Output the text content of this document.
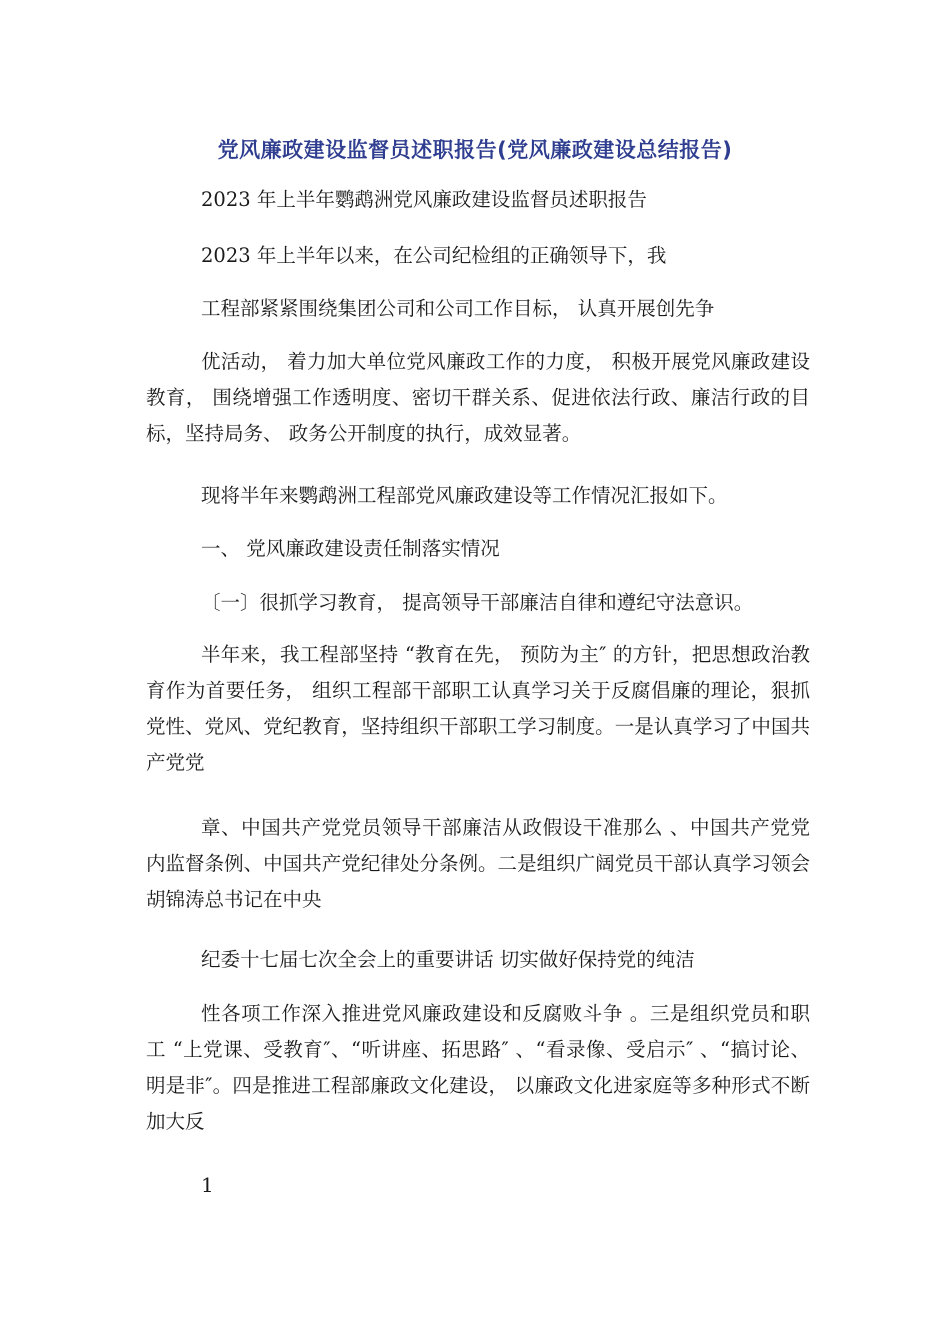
党风廉政建设监督员述职报告(党风廉政建设总结报告)
2023 年上半年鹦鹉洲党风廉政建设监督员述职报告
2023 年上半年以来，在公司纪检组的正确领导下，我
工程部紧紧围绕集团公司和公司工作目标， 认真开展创先争

优活动， 着力加大单位党风廉政工作的力度， 积极开展党风廉政建设教育， 围绕增强工作透明度、密切干群关系、促进依法行政、廉洁行政的目标，坚持局务、 政务公开制度的执行，成效显著。

现将半年来鹦鹉洲工程部党风廉政建设等工作情况汇报如下。
一、 党风廉政建设责任制落实情况
〔一〕很抓学习教育， 提高领导干部廉洁自律和遵纪守法意识。

半年来，我工程部坚持 “教育在先， 预防为主″ 的方针，把思想政治教育作为首要任务， 组织工程部干部职工认真学习关于反腐倡廉的理论，狠抓党性、党风、党纪教育，坚持组织干部职工学习制度。一是认真学习了中国共产党党

章、中国共产党党员领导干部廉洁从政假设干准那么 、中国共产党党内监督条例、中国共产党纪律处分条例。二是组织广阔党员干部认真学习领会胡锦涛总书记在中央

纪委十七届七次全会上的重要讲话 切实做好保持党的纯洁

性各项工作深入推进党风廉政建设和反腐败斗争 。三是组织党员和职工 “上党课、受教育″、“听讲座、拓思路″ 、“看录像、受启示″ 、“搞讨论、明是非″。四是推进工程部廉政文化建设， 以廉政文化进家庭等多种形式不断加大反

1
